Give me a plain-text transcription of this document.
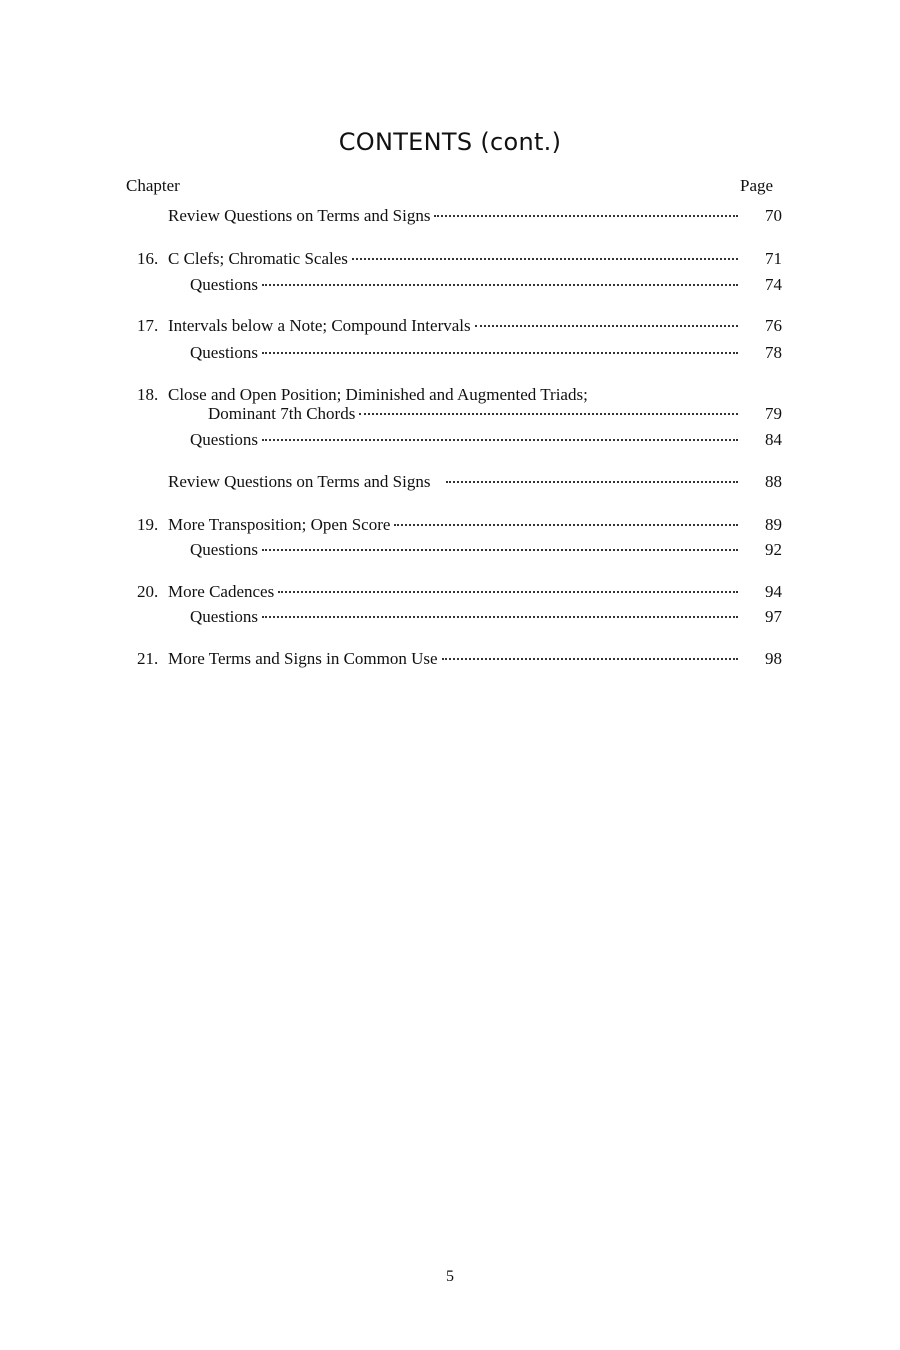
CONTENTS (cont.)
Chapter	Page
Review Questions on Terms and Signs	70
16. C Clefs; Chromatic Scales	71
Questions	74
17. Intervals below a Note; Compound Intervals	76
Questions	78
18. Close and Open Position; Diminished and Augmented Triads;
Dominant 7th Chords	79
Questions	84
Review Questions on Terms and Signs	88
19. More Transposition; Open Score	89
Questions	92
20. More Cadences	94
Questions	97
21. More Terms and Signs in Common Use	98
5
